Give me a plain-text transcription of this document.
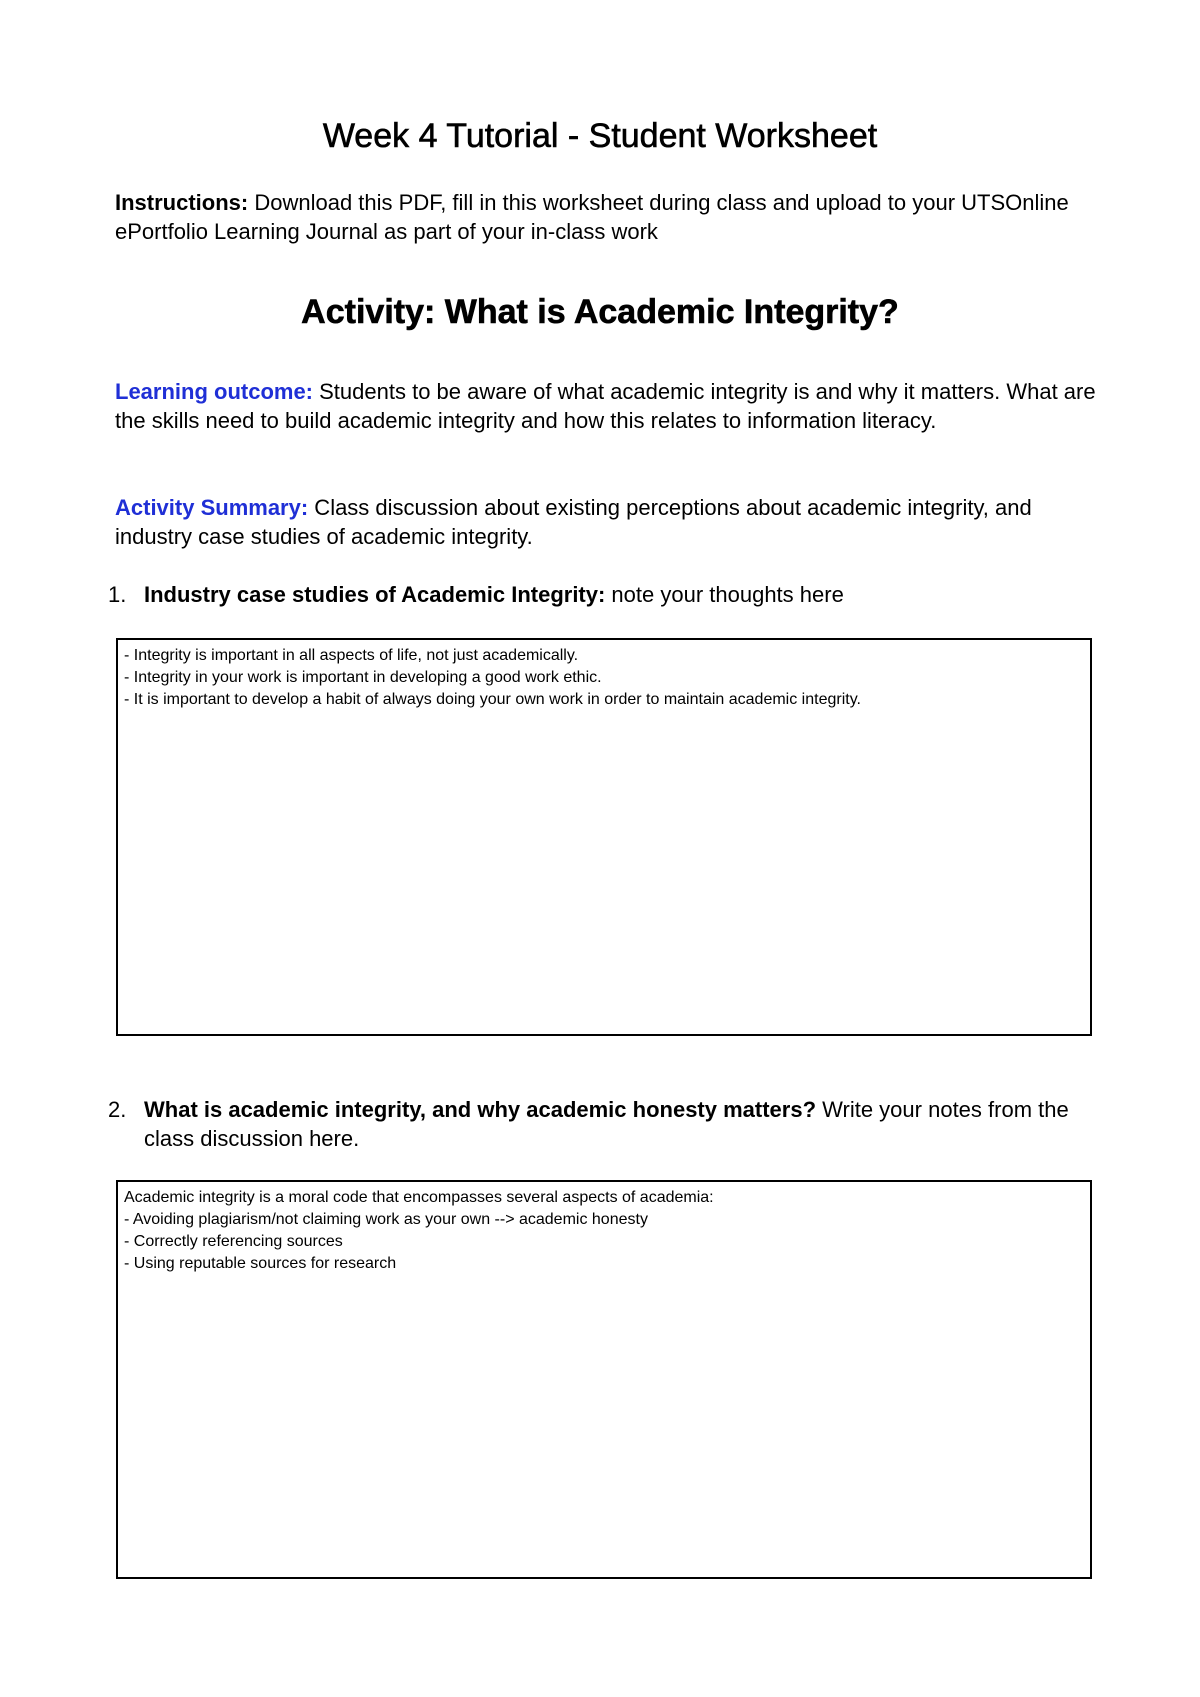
Week 4 Tutorial - Student Worksheet

Instructions: Download this PDF, fill in this worksheet during class and upload to your UTSOnline ePortfolio Learning Journal as part of your in-class work

Activity: What is Academic Integrity?

Learning outcome: Students to be aware of what academic integrity is and why it matters. What are the skills need to build academic integrity and how this relates to information literacy.

Activity Summary: Class discussion about existing perceptions about academic integrity, and industry case studies of academic integrity.

1. Industry case studies of Academic Integrity: note your thoughts here

- Integrity is important in all aspects of life, not just academically.
- Integrity in your work is important in developing a good work ethic.
- It is important to develop a habit of always doing your own work in order to maintain academic integrity.

2. What is academic integrity, and why academic honesty matters? Write your notes from the class discussion here.

Academic integrity is a moral code that encompasses several aspects of academia:
- Avoiding plagiarism/not claiming work as your own --> academic honesty
- Correctly referencing sources
- Using reputable sources for research
